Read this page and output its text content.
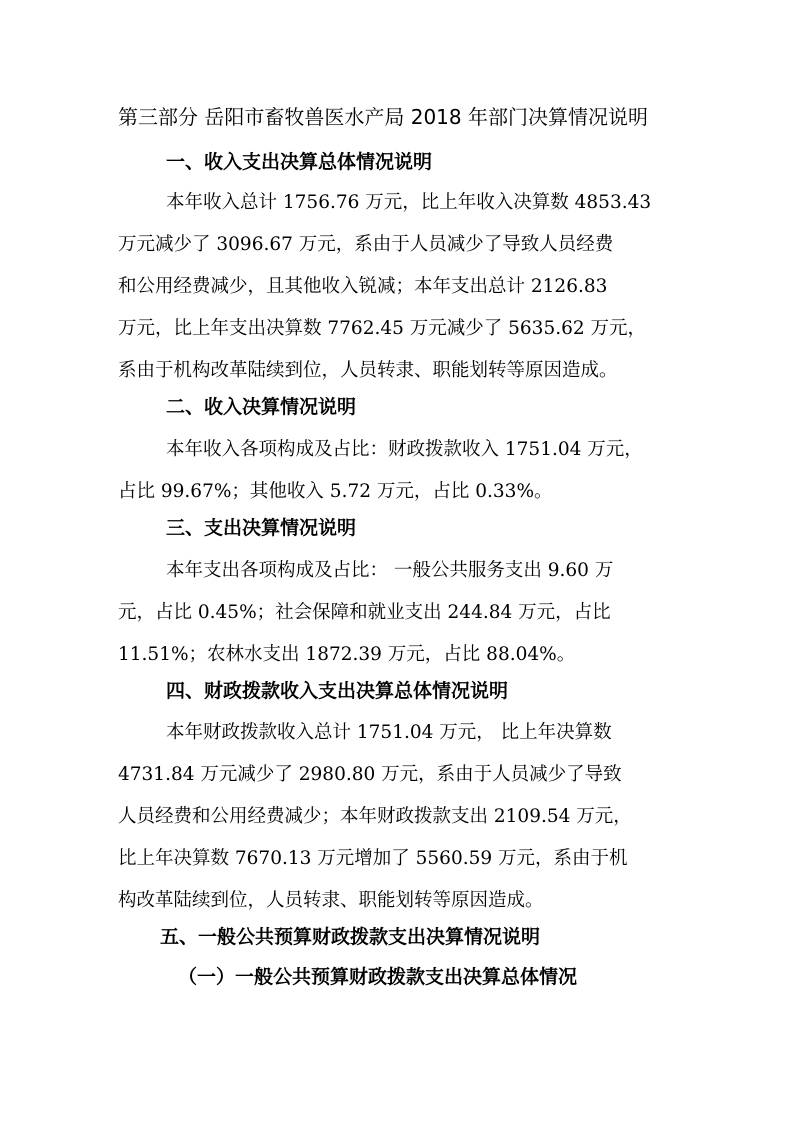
第三部分 岳阳市畜牧兽医水产局 2018 年部门决算情况说明
一、收入支出决算总体情况说明
本年收入总计 1756.76 万元，比上年收入决算数 4853.43
万元减少了 3096.67 万元，系由于人员减少了导致人员经费
和公用经费减少，且其他收入锐减；本年支出总计 2126.83
万元，比上年支出决算数 7762.45 万元减少了 5635.62 万元，
系由于机构改革陆续到位，人员转隶、职能划转等原因造成。
二、收入决算情况说明
本年收入各项构成及占比：财政拨款收入 1751.04 万元，
占比 99.67%；其他收入 5.72 万元，占比 0.33%。
三、支出决算情况说明
本年支出各项构成及占比： 一般公共服务支出 9.60 万
元，占比 0.45%；社会保障和就业支出 244.84 万元，占比
11.51%；农林水支出 1872.39 万元，占比 88.04%。
四、财政拨款收入支出决算总体情况说明
本年财政拨款收入总计 1751.04 万元， 比上年决算数
4731.84 万元减少了 2980.80 万元，系由于人员减少了导致
人员经费和公用经费减少；本年财政拨款支出 2109.54 万元，
比上年决算数 7670.13 万元增加了 5560.59 万元，系由于机
构改革陆续到位，人员转隶、职能划转等原因造成。
五、一般公共预算财政拨款支出决算情况说明
（一）一般公共预算财政拨款支出决算总体情况
